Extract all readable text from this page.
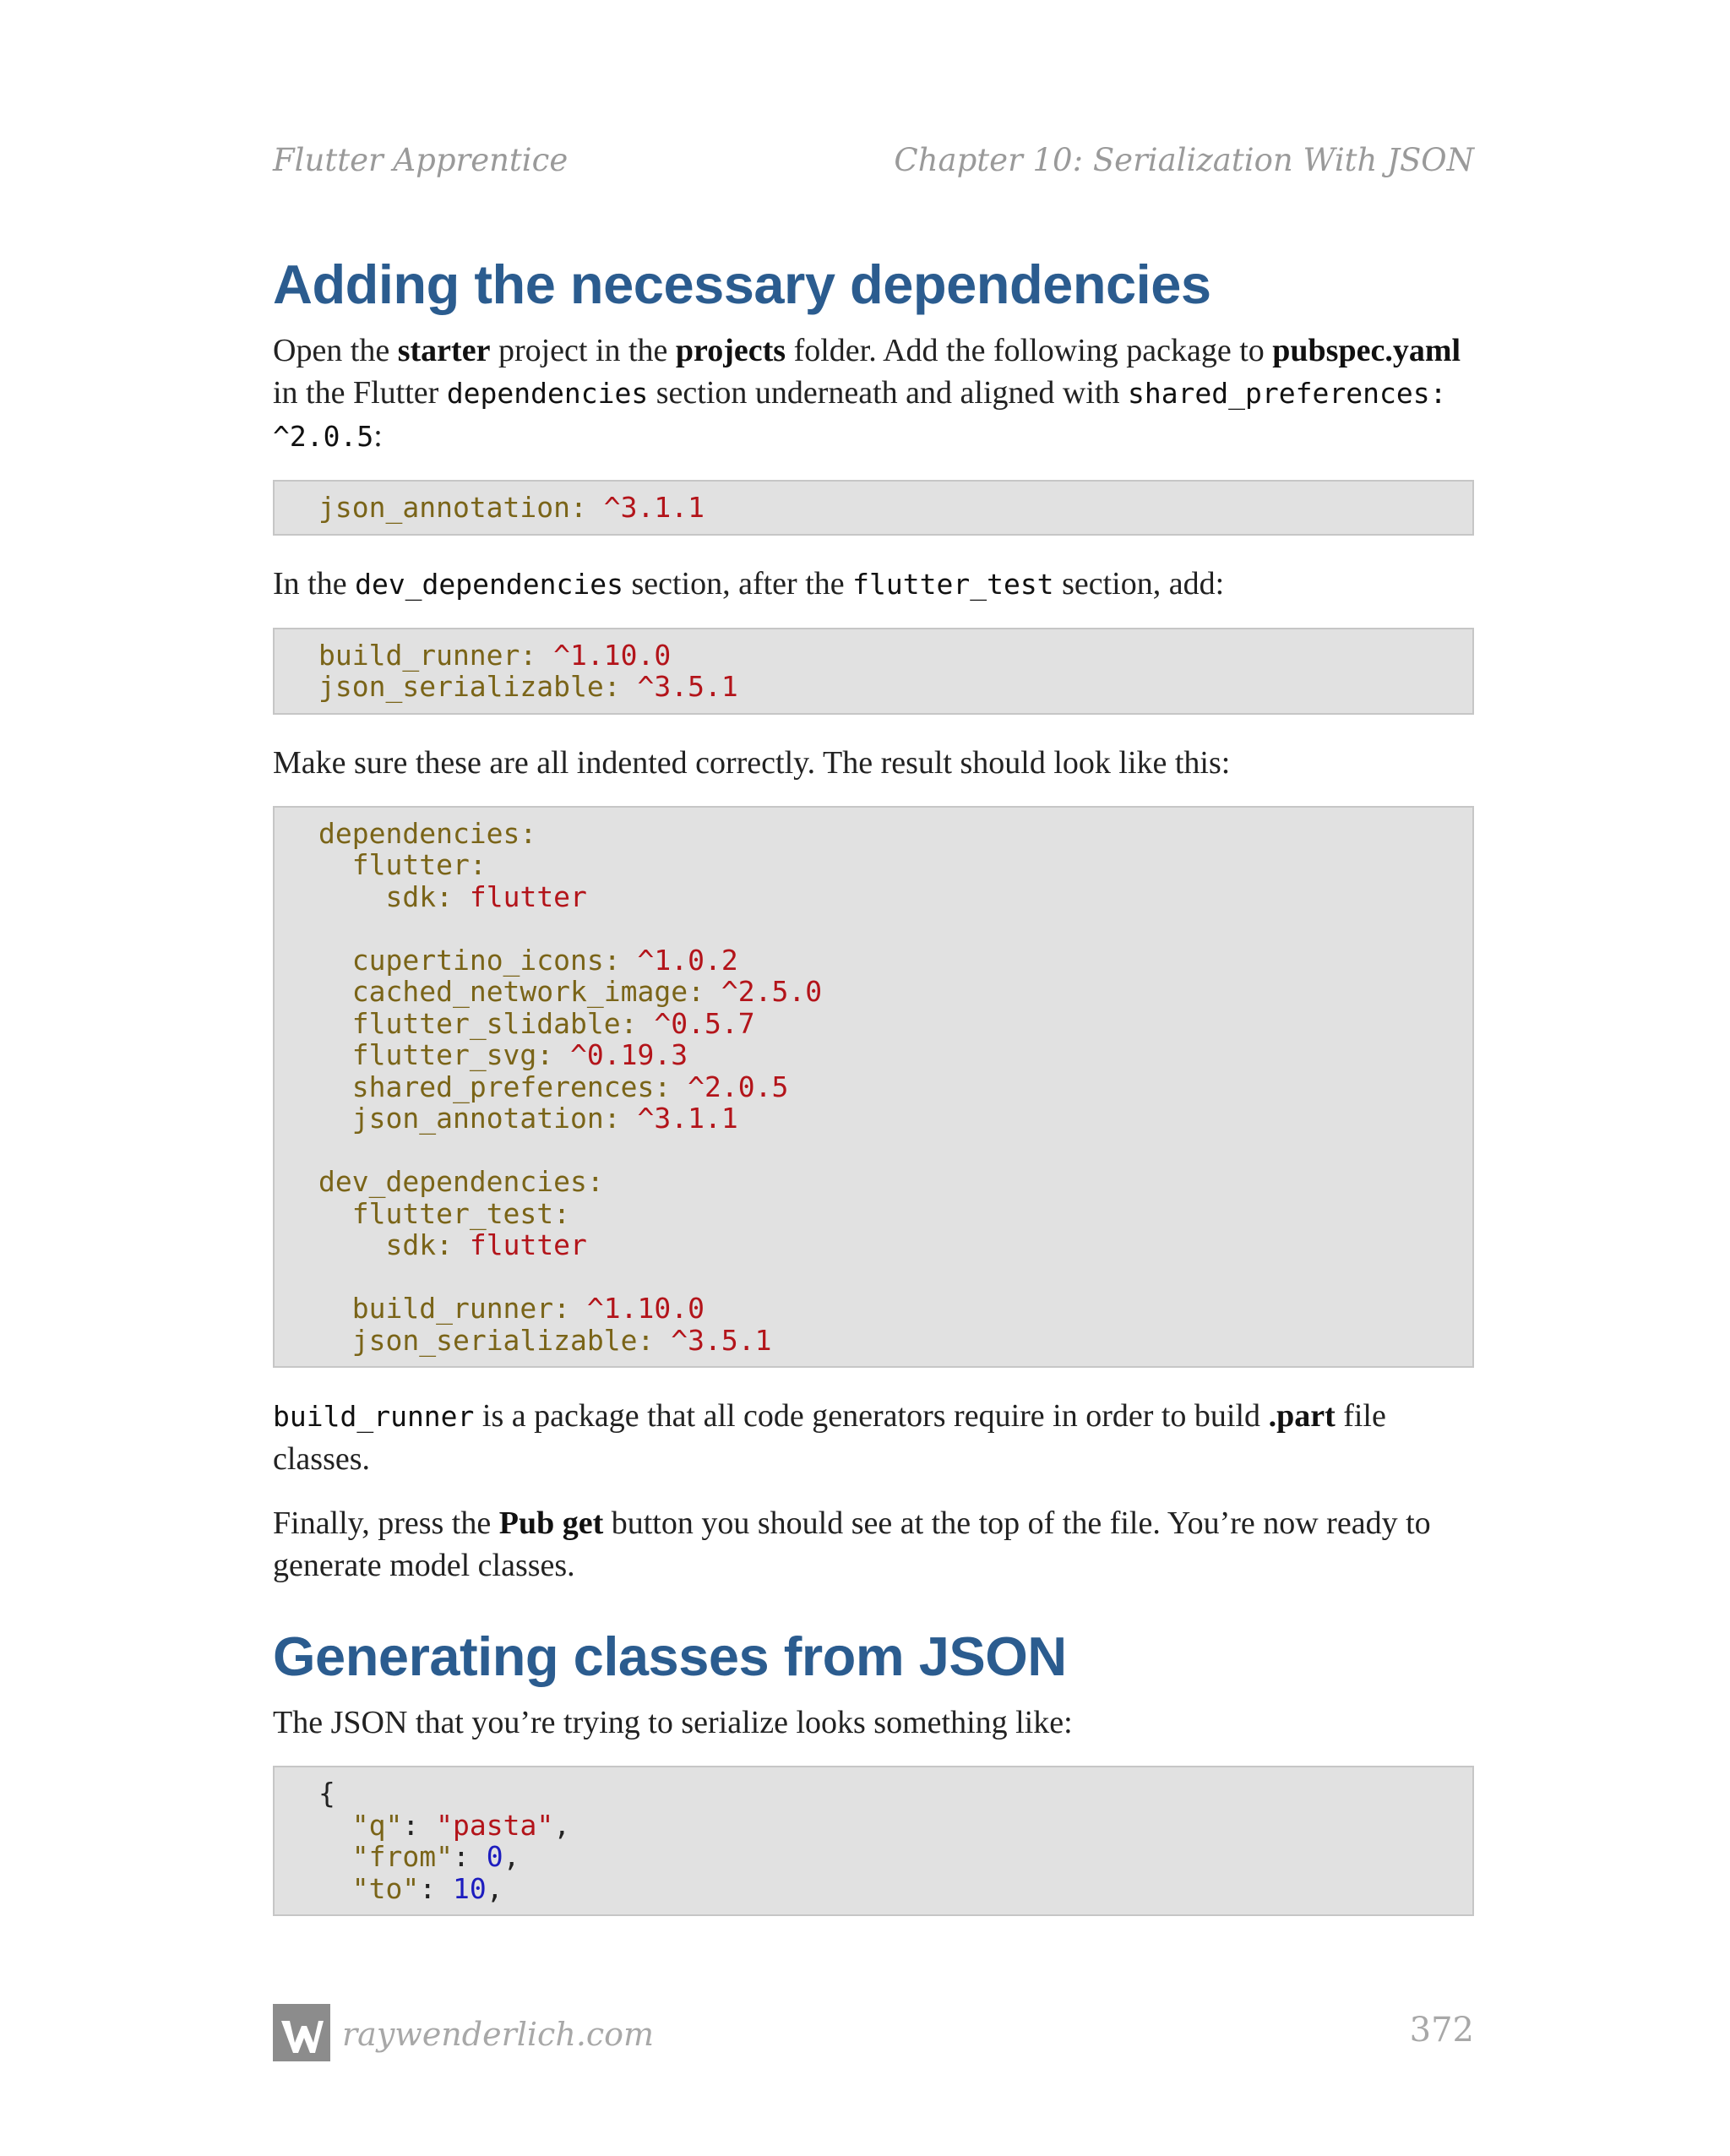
Flutter Apprentice	Chapter 10: Serialization With JSON
Adding the necessary dependencies

Open the starter project in the projects folder. Add the following package to pubspec.yaml in the Flutter dependencies section underneath and aligned with shared_preferences: ^2.0.5:

json_annotation: ^3.1.1

In the dev_dependencies section, after the flutter_test section, add:

build_runner: ^1.10.0
json_serializable: ^3.5.1

Make sure these are all indented correctly. The result should look like this:

dependencies:
flutter:
sdk: flutter

cupertino_icons: ^1.0.2
cached_network_image: ^2.5.0
flutter_slidable: ^0.5.7
flutter_svg: ^0.19.3
shared_preferences: ^2.0.5
json_annotation: ^3.1.1

dev_dependencies:
flutter_test:
sdk: flutter

build_runner: ^1.10.0
json_serializable: ^3.5.1

build_runner is a package that all code generators require in order to build .part file classes.

Finally, press the Pub get button you should see at the top of the file. You’re now ready to generate model classes.

Generating classes from JSON

The JSON that you’re trying to serialize looks something like:

{
"q": "pasta",
"from": 0,
"to": 10,
raywenderlich.com	372
